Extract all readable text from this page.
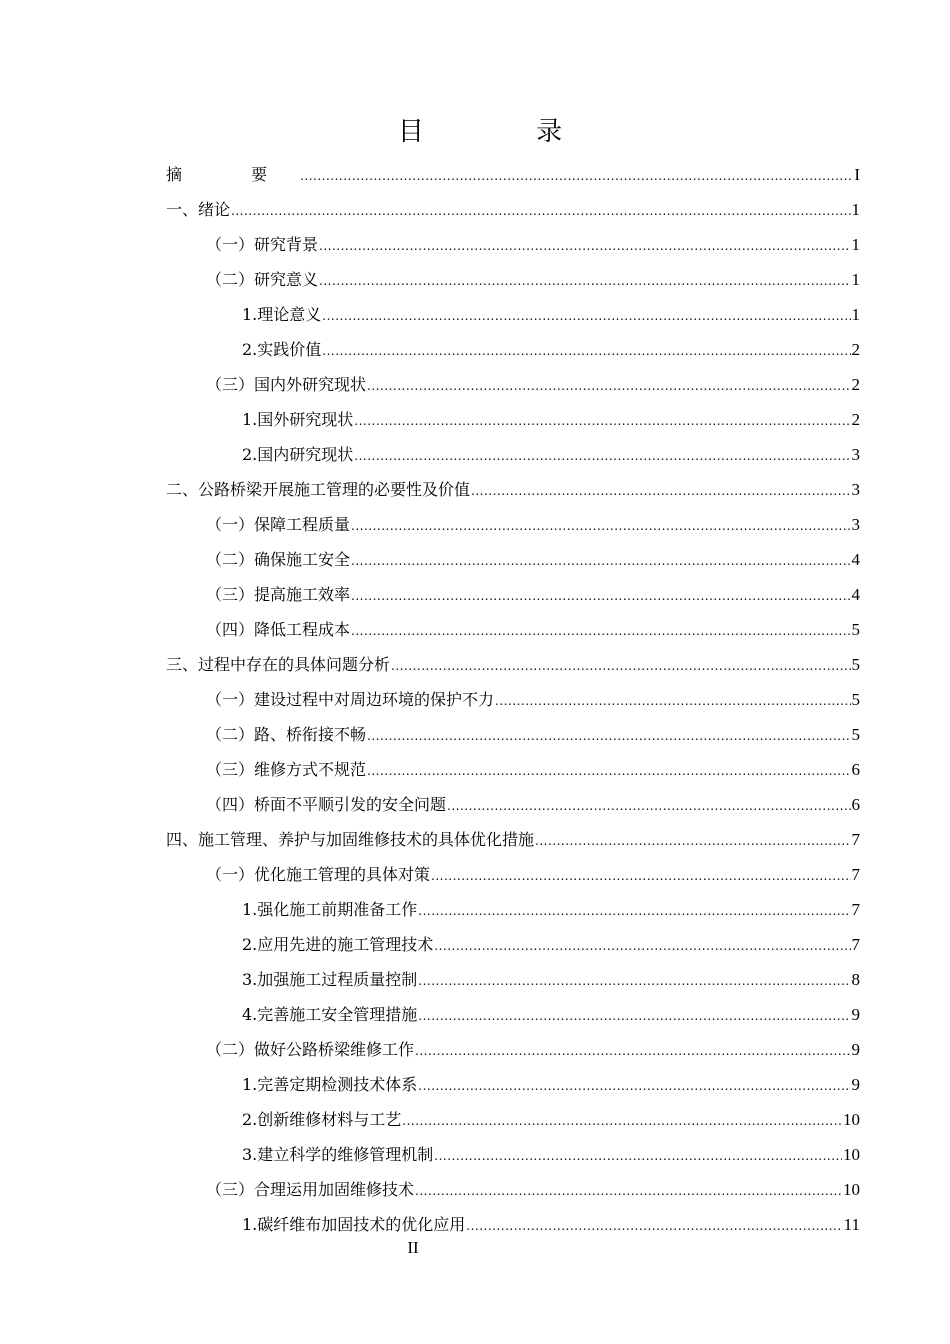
目 录
摘 要 .....	I
一、绪论 .....	1
（一）研究背景 .....	1
（二）研究意义 .....	1
1.理论意义 .....	1
2.实践价值 .....	2
（三）国内外研究现状 .....	2
1.国外研究现状 .....	2
2.国内研究现状 .....	3
二、公路桥梁开展施工管理的必要性及价值 .....	3
（一）保障工程质量 .....	3
（二）确保施工安全 .....	4
（三）提高施工效率 .....	4
（四）降低工程成本 .....	5
三、过程中存在的具体问题分析 .....	5
（一）建设过程中对周边环境的保护不力 .....	5
（二）路、桥衔接不畅 .....	5
（三）维修方式不规范 .....	6
（四）桥面不平顺引发的安全问题 .....	6
四、施工管理、养护与加固维修技术的具体优化措施 .....	7
（一）优化施工管理的具体对策 .....	7
1.强化施工前期准备工作 .....	7
2.应用先进的施工管理技术 .....	7
3.加强施工过程质量控制 .....	8
4.完善施工安全管理措施 .....	9
（二）做好公路桥梁维修工作 .....	9
1.完善定期检测技术体系 .....	9
2.创新维修材料与工艺 .....	10
3.建立科学的维修管理机制 .....	10
（三）合理运用加固维修技术 .....	10
1.碳纤维布加固技术的优化应用 .....	11
II
